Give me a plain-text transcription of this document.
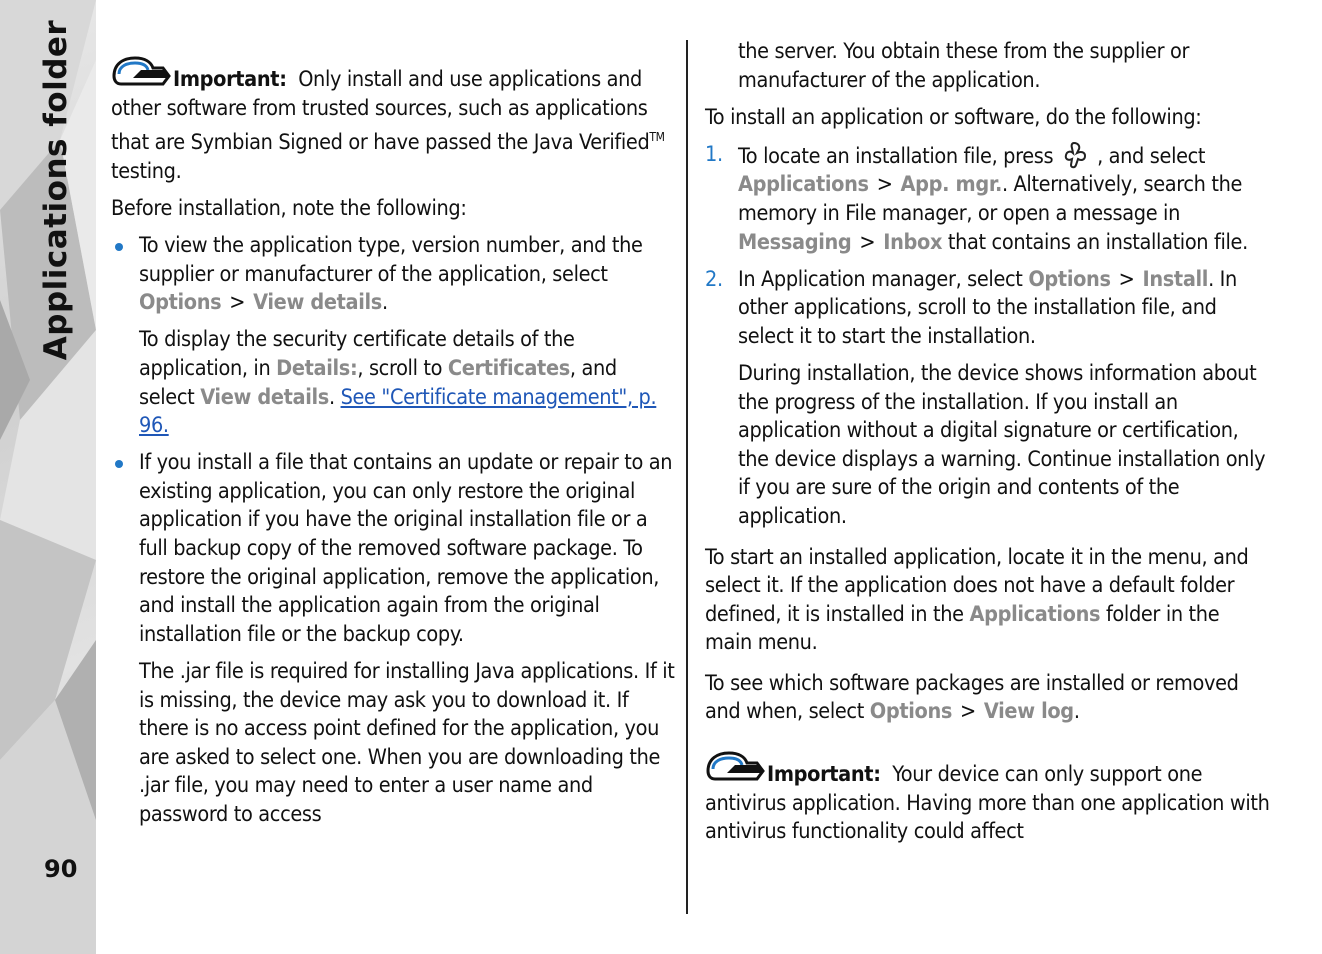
Applications folder
90

Important: Only install and use applications and other software from trusted sources, such as applications that are Symbian Signed or have passed the Java Verified™ testing.

Before installation, note the following:

To view the application type, version number, and the supplier or manufacturer of the application, select Options > View details.

To display the security certificate details of the application, in Details:, scroll to Certificates, and select View details. See "Certificate management", p. 96.

If you install a file that contains an update or repair to an existing application, you can only restore the original application if you have the original installation file or a full backup copy of the removed software package. To restore the original application, remove the application, and install the application again from the original installation file or the backup copy.

The .jar file is required for installing Java applications. If it is missing, the device may ask you to download it. If there is no access point defined for the application, you are asked to select one. When you are downloading the .jar file, you may need to enter a user name and password to access

the server. You obtain these from the supplier or manufacturer of the application.

To install an application or software, do the following:

1. To locate an installation file, press , and select Applications > App. mgr.. Alternatively, search the memory in File manager, or open a message in Messaging > Inbox that contains an installation file.

2. In Application manager, select Options > Install. In other applications, scroll to the installation file, and select it to start the installation.

During installation, the device shows information about the progress of the installation. If you install an application without a digital signature or certification, the device displays a warning. Continue installation only if you are sure of the origin and contents of the application.

To start an installed application, locate it in the menu, and select it. If the application does not have a default folder defined, it is installed in the Applications folder in the main menu.

To see which software packages are installed or removed and when, select Options > View log.

Important: Your device can only support one antivirus application. Having more than one application with antivirus functionality could affect
